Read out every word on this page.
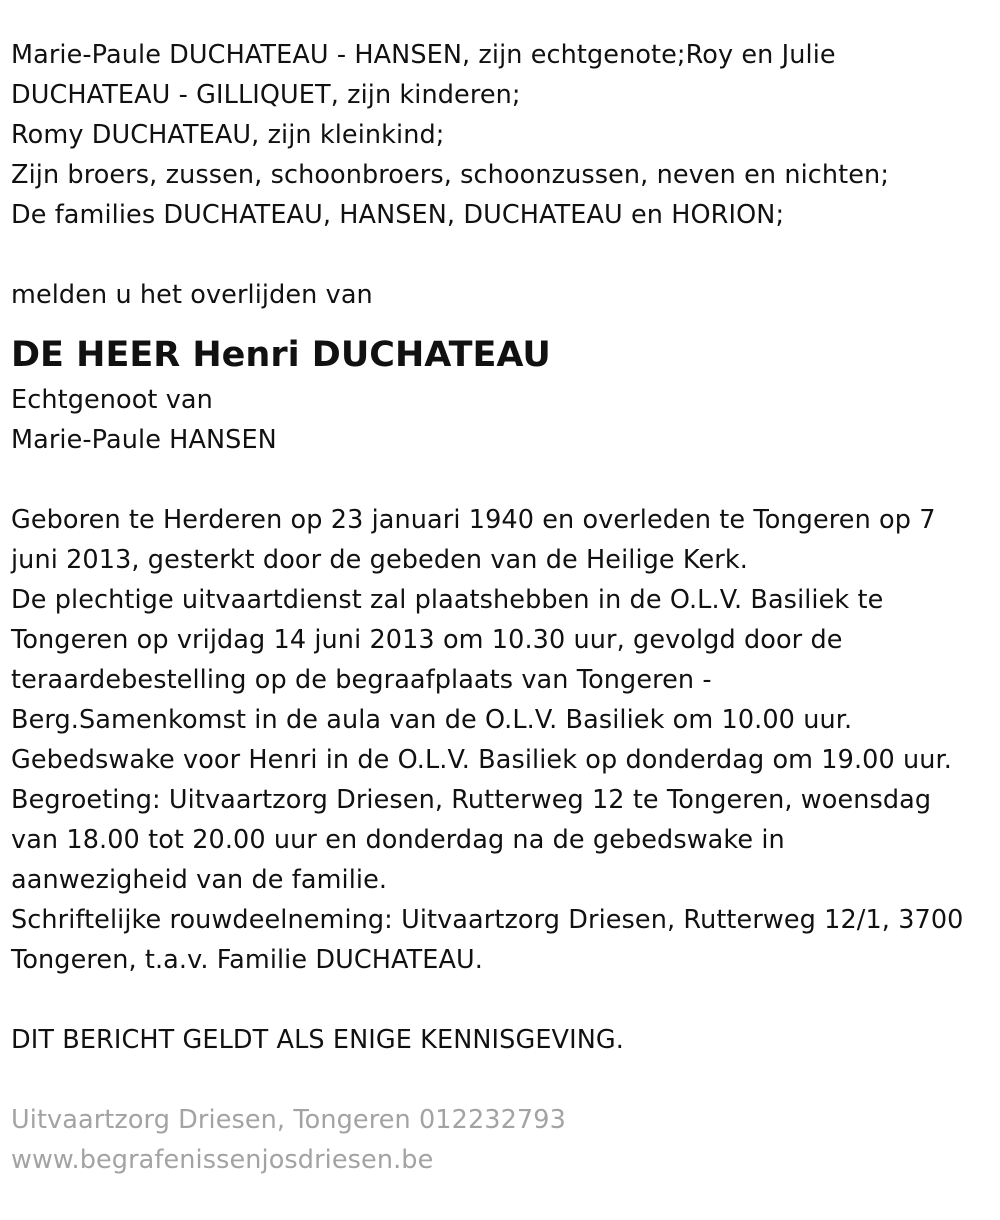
Marie-Paule DUCHATEAU - HANSEN, zijn echtgenote;Roy en Julie
DUCHATEAU - GILLIQUET, zijn kinderen;
Romy DUCHATEAU, zijn kleinkind;
Zijn broers, zussen, schoonbroers, schoonzussen, neven en nichten;
De families DUCHATEAU, HANSEN, DUCHATEAU en HORION;
melden u het overlijden van
DE HEER Henri DUCHATEAU
Echtgenoot van
Marie-Paule HANSEN
Geboren te Herderen op 23 januari 1940 en overleden te Tongeren op 7
juni 2013, gesterkt door de gebeden van de Heilige Kerk.
De plechtige uitvaartdienst zal plaatshebben in de O.L.V. Basiliek te
Tongeren op vrijdag 14 juni 2013 om 10.30 uur, gevolgd door de
teraardebestelling op de begraafplaats van Tongeren -
Berg.Samenkomst in de aula van de O.L.V. Basiliek om 10.00 uur.
Gebedswake voor Henri in de O.L.V. Basiliek op donderdag om 19.00 uur.
Begroeting: Uitvaartzorg Driesen, Rutterweg 12 te Tongeren, woensdag
van 18.00 tot 20.00 uur en donderdag na de gebedswake in
aanwezigheid van de familie.
Schriftelijke rouwdeelneming: Uitvaartzorg Driesen, Rutterweg 12/1, 3700
Tongeren, t.a.v. Familie DUCHATEAU.
DIT BERICHT GELDT ALS ENIGE KENNISGEVING.
Uitvaartzorg Driesen, Tongeren 012232793
www.begrafenissenjosdriesen.be
